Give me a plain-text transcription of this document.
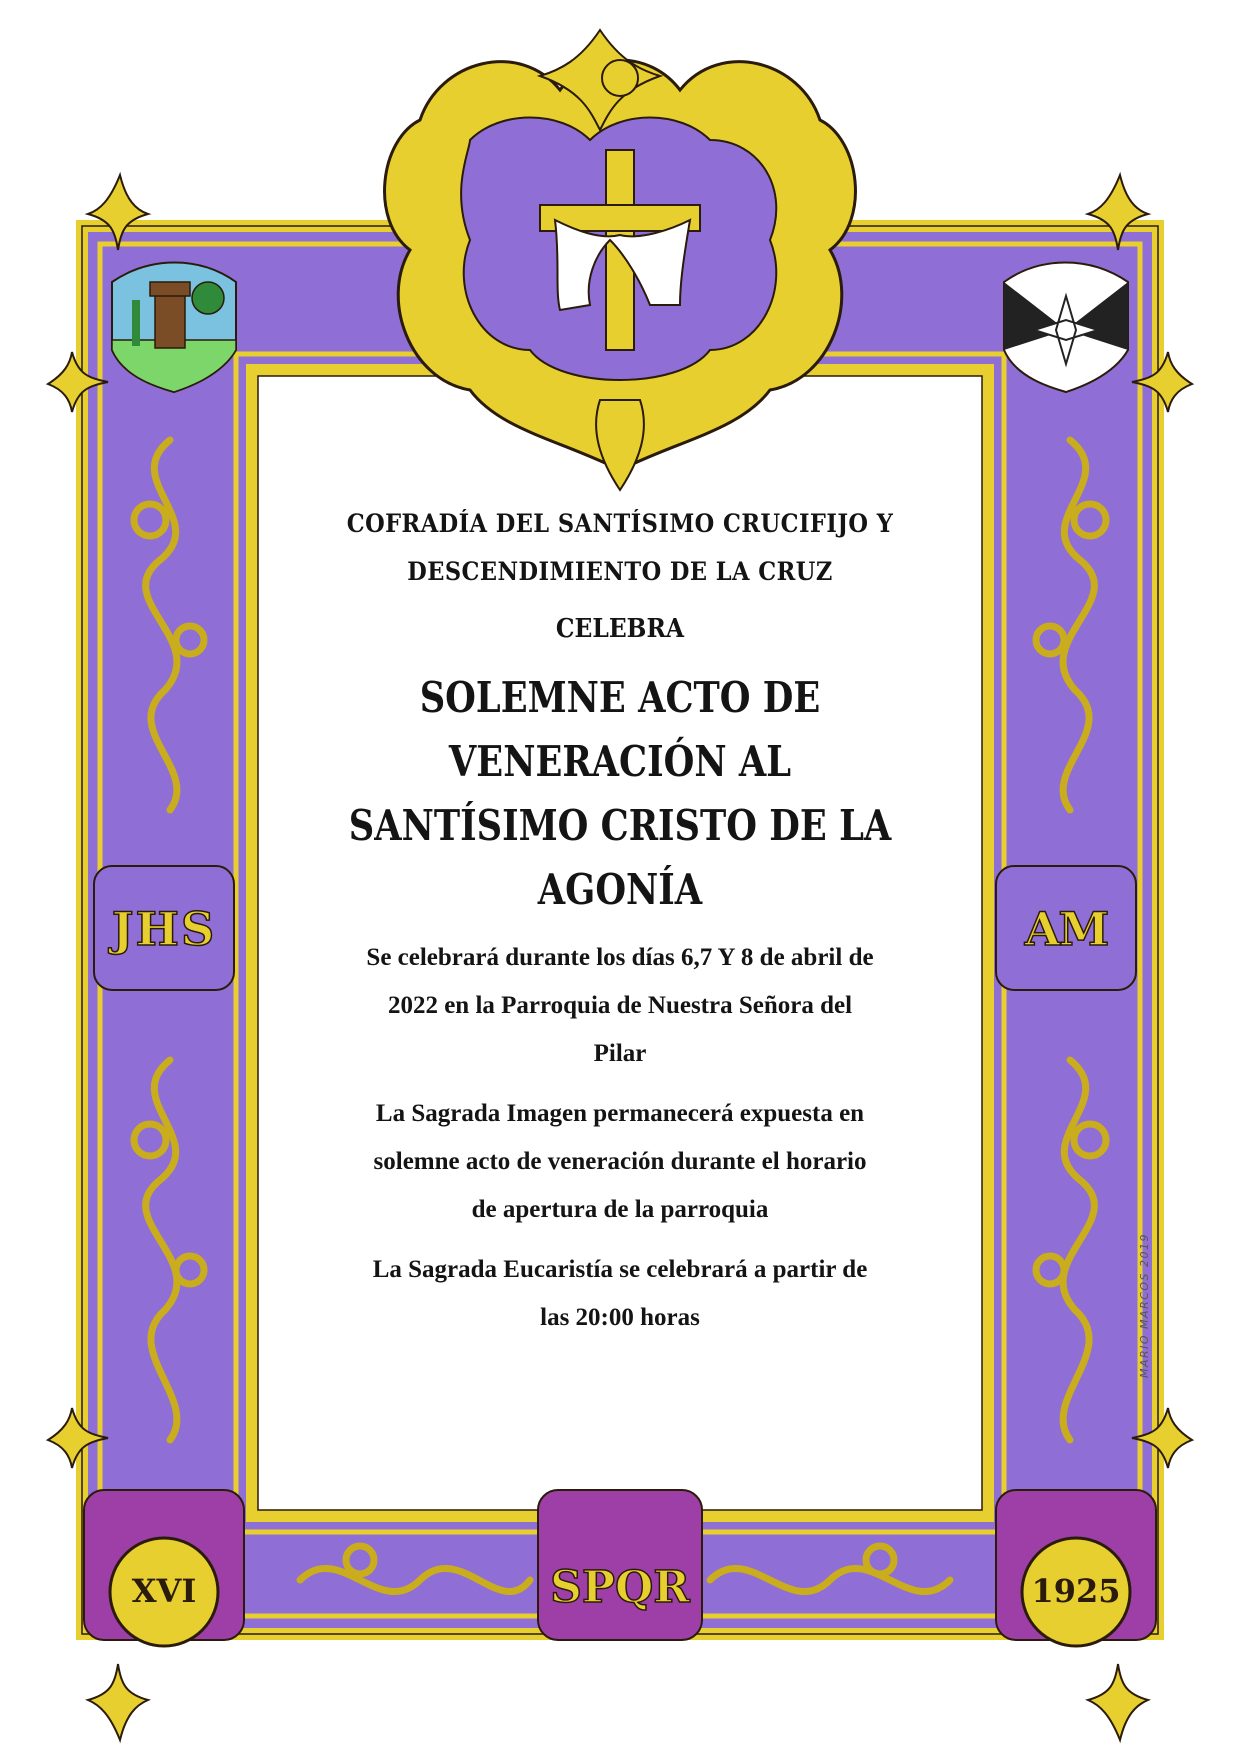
JHS	AM
XVI	SPQR	1925
MARIO MARCOS 2019

COFRADÍA DEL SANTÍSIMO CRUCIFIJO Y
DESCENDIMIENTO DE LA CRUZ

CELEBRA

SOLEMNE ACTO DE
VENERACIÓN AL
SANTÍSIMO CRISTO DE LA
AGONÍA

Se celebrará durante los días 6,7 Y 8 de abril de
2022 en la Parroquia de Nuestra Señora del
Pilar

La Sagrada Imagen permanecerá expuesta en
solemne acto de veneración durante el horario
de apertura de la parroquia

La Sagrada Eucaristía se celebrará a partir de
las 20:00 horas
